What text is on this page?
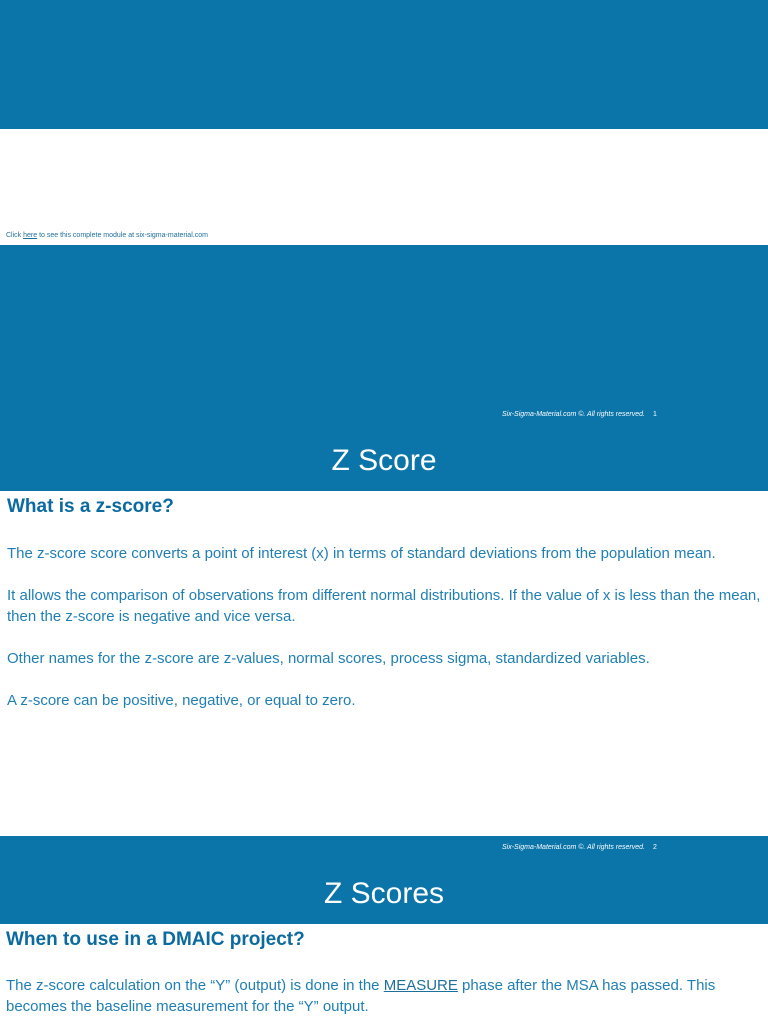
Click here to see this complete module at six-sigma-material.com
Six-Sigma-Material.com ©. All rights reserved. 1
Z Score
What is a z-score?

The z-score score converts a point of interest (x) in terms of standard deviations from the population mean.

It allows the comparison of observations from different normal distributions. If the value of x is less than the mean, then the z-score is negative and vice versa.

Other names for the z-score are z-values, normal scores, process sigma, standardized variables.

A z-score can be positive, negative, or equal to zero.

Six-Sigma-Material.com ©. All rights reserved. 2
Z Scores
When to use in a DMAIC project?

The z-score calculation on the “Y” (output) is done in the MEASURE phase after the MSA has passed. This becomes the baseline measurement for the “Y” output.
